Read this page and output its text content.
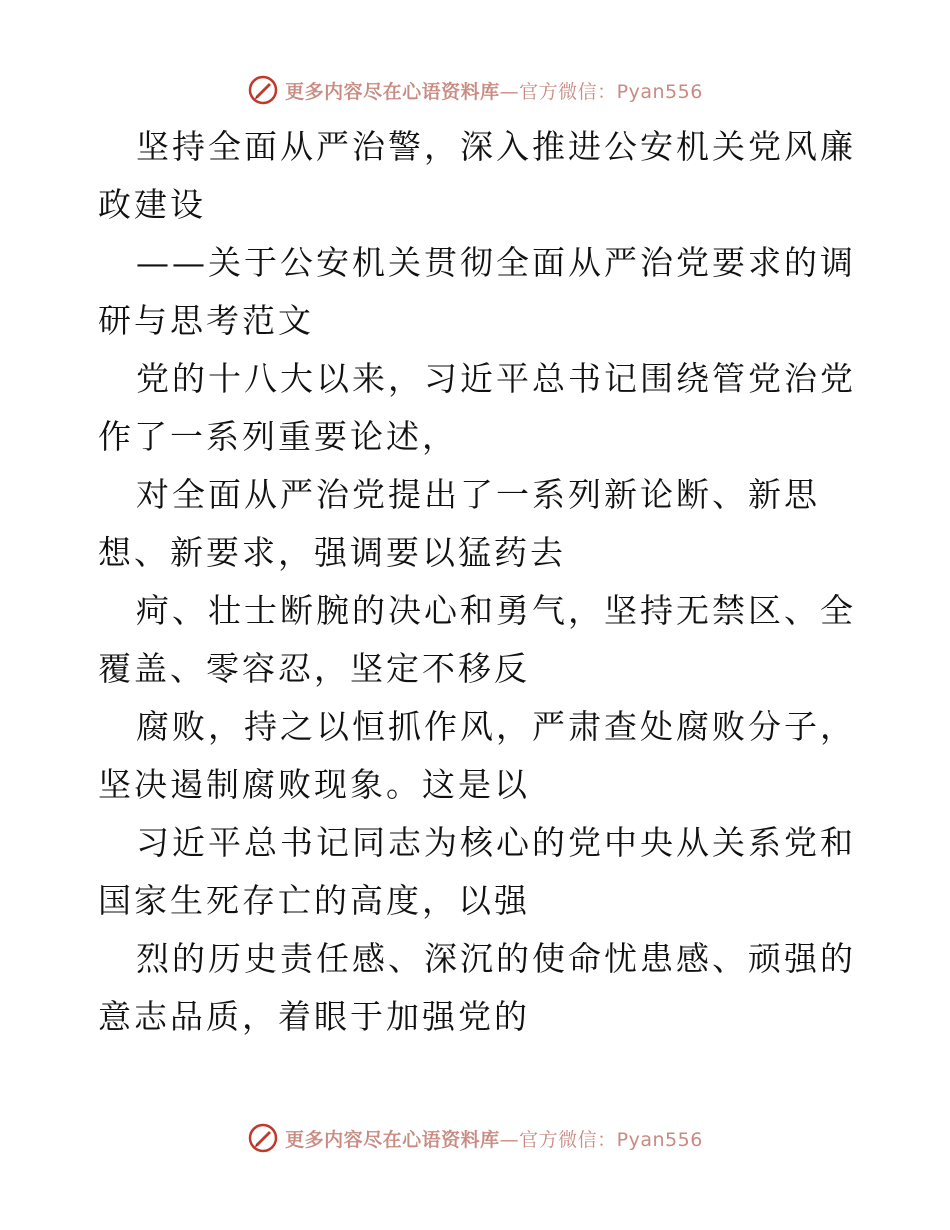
更多内容尽在心语资料库—官方微信：Pyan556

坚持全面从严治警，深入推进公安机关党风廉政建设

——关于公安机关贯彻全面从严治党要求的调研与思考范文

党的十八大以来，习近平总书记围绕管党治党作了一系列重要论述，

对全面从严治党提出了一系列新论断、新思想、新要求，强调要以猛药去

疴、壮士断腕的决心和勇气，坚持无禁区、全覆盖、零容忍，坚定不移反

腐败，持之以恒抓作风，严肃查处腐败分子，坚决遏制腐败现象。这是以

习近平总书记同志为核心的党中央从关系党和国家生死存亡的高度，以强

烈的历史责任感、深沉的使命忧患感、顽强的意志品质，着眼于加强党的

更多内容尽在心语资料库—官方微信：Pyan556
